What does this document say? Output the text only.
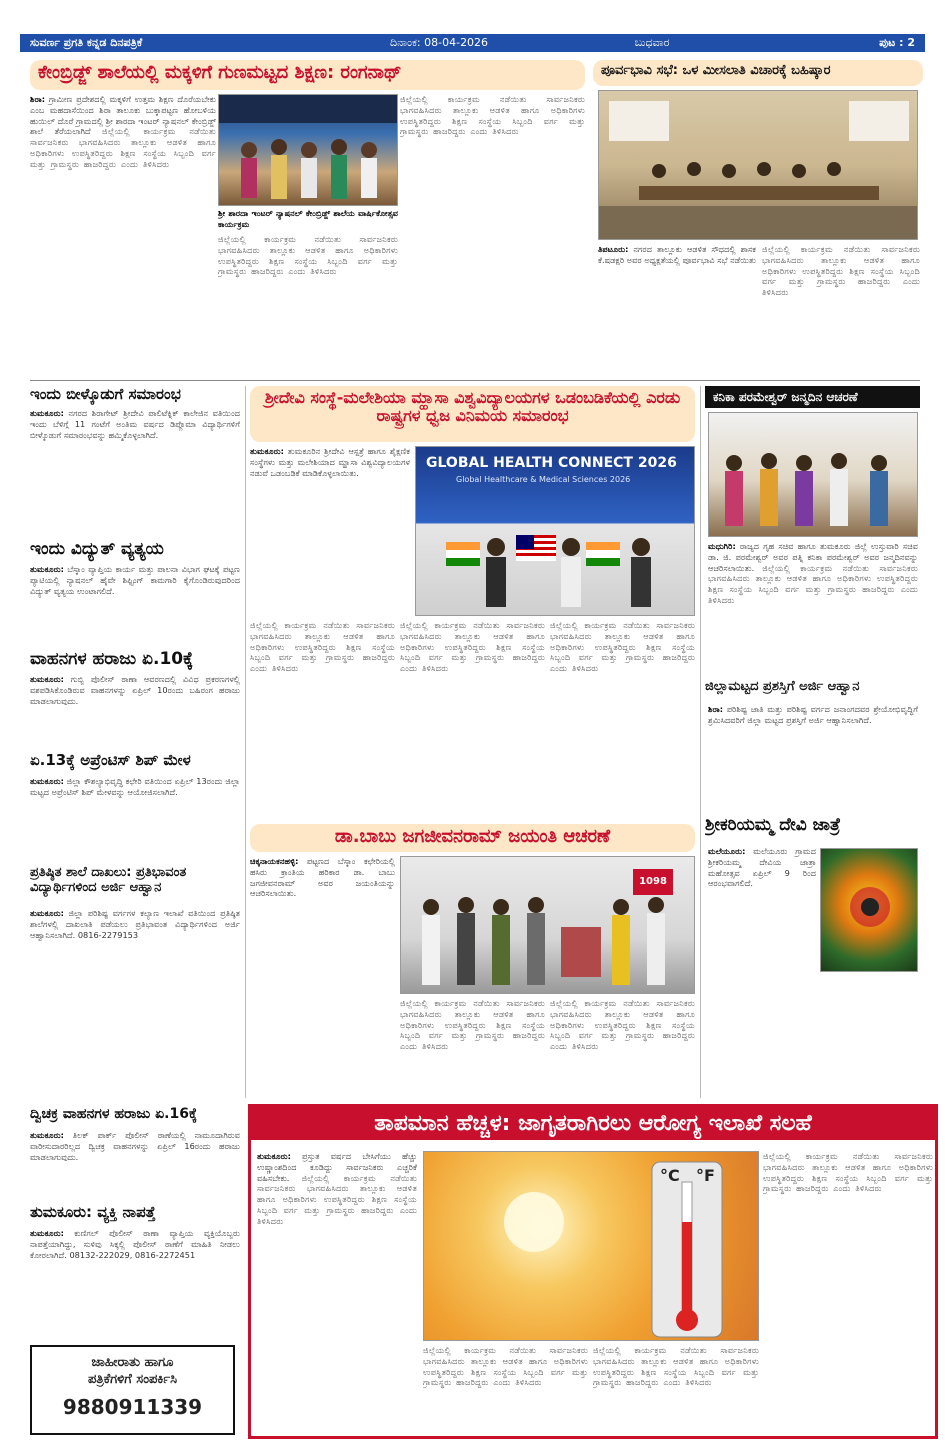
ಸುವರ್ಣ ಪ್ರಗತಿ ಕನ್ನಡ ದಿನಪತ್ರಿಕೆ	ದಿನಾಂಕ: 08-04-2026	ಬುಧವಾರ	ಪುಟ : 2
ಕೇಂಬ್ರಿಡ್ಜ್ ಶಾಲೆಯಲ್ಲಿ ಮಕ್ಕಳಿಗೆ ಗುಣಮಟ್ಟದ ಶಿಕ್ಷಣ: ರಂಗನಾಥ್
ಶಿರಾ: ಗ್ರಾಮೀಣ ಪ್ರದೇಶದಲ್ಲಿ ಮಕ್ಕಳಿಗೆ ಉತ್ತಮ ಶಿಕ್ಷಣ ದೊರೆಯಬೇಕು ಎಂಬ ಮಹದಾಸೆಯಿಂದ ಶಿರಾ ತಾಲೂಕು ಬುಕ್ಕಾಪಟ್ಟಣ ಹೋಬಳಿಯ ಹುಯಿಲ್ ದೊರೆ ಗ್ರಾಮದಲ್ಲಿ ಶ್ರೀ ಶಾರದಾ ಇಂಟರ್ ನ್ಯಾಷನಲ್ ಕೇಂಬ್ರಿಡ್ಜ್ ಶಾಲೆ ತೆರೆಯಲಾಗಿದೆ ಜಿಲ್ಲೆಯಲ್ಲಿ ಕಾರ್ಯಕ್ರಮ ನಡೆಯಿತು ಸಾರ್ವಜನಿಕರು ಭಾಗವಹಿಸಿದರು ತಾಲ್ಲೂಕು ಆಡಳಿತ ಹಾಗೂ ಅಧಿಕಾರಿಗಳು ಉಪಸ್ಥಿತರಿದ್ದರು ಶಿಕ್ಷಣ ಸಂಸ್ಥೆಯ ಸಿಬ್ಬಂದಿ ವರ್ಗ ಮತ್ತು ಗ್ರಾಮಸ್ಥರು ಹಾಜರಿದ್ದರು ಎಂದು ತಿಳಿಸಿದರು
ಶ್ರೀ ಶಾರದಾ ಇಂಟರ್ ನ್ಯಾಷನಲ್ ಕೇಂಬ್ರಿಡ್ಜ್ ಶಾಲೆಯ ವಾರ್ಷಿಕೋತ್ಸವ ಕಾರ್ಯಕ್ರಮ
ಜಿಲ್ಲೆಯಲ್ಲಿ ಕಾರ್ಯಕ್ರಮ ನಡೆಯಿತು ಸಾರ್ವಜನಿಕರು ಭಾಗವಹಿಸಿದರು ತಾಲ್ಲೂಕು ಆಡಳಿತ ಹಾಗೂ ಅಧಿಕಾರಿಗಳು ಉಪಸ್ಥಿತರಿದ್ದರು ಶಿಕ್ಷಣ ಸಂಸ್ಥೆಯ ಸಿಬ್ಬಂದಿ ವರ್ಗ ಮತ್ತು ಗ್ರಾಮಸ್ಥರು ಹಾಜರಿದ್ದರು ಎಂದು ತಿಳಿಸಿದರು
ಜಿಲ್ಲೆಯಲ್ಲಿ ಕಾರ್ಯಕ್ರಮ ನಡೆಯಿತು ಸಾರ್ವಜನಿಕರು ಭಾಗವಹಿಸಿದರು ತಾಲ್ಲೂಕು ಆಡಳಿತ ಹಾಗೂ ಅಧಿಕಾರಿಗಳು ಉಪಸ್ಥಿತರಿದ್ದರು ಶಿಕ್ಷಣ ಸಂಸ್ಥೆಯ ಸಿಬ್ಬಂದಿ ವರ್ಗ ಮತ್ತು ಗ್ರಾಮಸ್ಥರು ಹಾಜರಿದ್ದರು ಎಂದು ತಿಳಿಸಿದರು
ಪೂರ್ವಭಾವಿ ಸಭೆ: ಒಳ ಮೀಸಲಾತಿ ವಿಚಾರಕ್ಕೆ ಬಹಿಷ್ಕಾರ
ತಿಪಟೂರು: ನಗರದ ತಾಲ್ಲೂಕು ಆಡಳಿತ ಸೌಧದಲ್ಲಿ ಶಾಸಕ ಕೆ.ಷಡಕ್ಷರಿ ಅವರ ಅಧ್ಯಕ್ಷತೆಯಲ್ಲಿ ಪೂರ್ವಭಾವಿ ಸಭೆ ನಡೆಯಿತು
ಜಿಲ್ಲೆಯಲ್ಲಿ ಕಾರ್ಯಕ್ರಮ ನಡೆಯಿತು ಸಾರ್ವಜನಿಕರು ಭಾಗವಹಿಸಿದರು ತಾಲ್ಲೂಕು ಆಡಳಿತ ಹಾಗೂ ಅಧಿಕಾರಿಗಳು ಉಪಸ್ಥಿತರಿದ್ದರು ಶಿಕ್ಷಣ ಸಂಸ್ಥೆಯ ಸಿಬ್ಬಂದಿ ವರ್ಗ ಮತ್ತು ಗ್ರಾಮಸ್ಥರು ಹಾಜರಿದ್ದರು ಎಂದು ತಿಳಿಸಿದರು
ಇಂದು ಬೀಳ್ಕೊಡುಗೆ ಸಮಾರಂಭ
ತುಮಕೂರು: ನಗರದ ಶಿರಾಗೇಟ್ ಶ್ರೀದೇವಿ ಪಾಲಿಟೆಕ್ನಿಕ್ ಕಾಲೇಜಿನ ವತಿಯಿಂದ ಇಂದು ಬೆಳಿಗ್ಗೆ 11 ಗಂಟೆಗೆ ಅಂತಿಮ ವರ್ಷದ ಡಿಪ್ಲೊಮಾ ವಿದ್ಯಾರ್ಥಿಗಳಿಗೆ ಬೀಳ್ಕೊಡುಗೆ ಸಮಾರಂಭವನ್ನು ಹಮ್ಮಿಕೊಳ್ಳಲಾಗಿದೆ.
ಇಂದು ವಿದ್ಯುತ್ ವ್ಯತ್ಯಯ
ತುಮಕೂರು: ಬೆಸ್ಕಾಂ ವ್ಯಾಪ್ತಿಯ ಕಾರ್ಯ ಮತ್ತು ಪಾಲನಾ ವಿಭಾಗ ಘಟಕ್ಕೆ ಪಟ್ಟಣ ಪ್ಯಾಟಿಯಲ್ಲಿ ನ್ಯಾಷನಲ್ ಹೈವೇ ಶಿಫ್ಟಿಂಗ್ ಕಾಮಗಾರಿ ಕೈಗೊಂಡಿರುವುದರಿಂದ ವಿದ್ಯುತ್ ವ್ಯತ್ಯಯ ಉಂಟಾಗಲಿದೆ.
ವಾಹನಗಳ ಹರಾಜು ಏ.10ಕ್ಕೆ
ತುಮಕೂರು: ಗುಬ್ಬಿ ಪೊಲೀಸ್ ಠಾಣಾ ಆವರಣದಲ್ಲಿ ವಿವಿಧ ಪ್ರಕರಣಗಳಲ್ಲಿ ವಶಪಡಿಸಿಕೊಂಡಿರುವ ವಾಹನಗಳನ್ನು ಏಪ್ರಿಲ್ 10ರಂದು ಬಹಿರಂಗ ಹರಾಜು ಮಾಡಲಾಗುವುದು.
ಏ.13ಕ್ಕೆ ಅಪ್ರೆಂಟಿಸ್ ಶಿಪ್ ಮೇಳ
ತುಮಕೂರು: ಜಿಲ್ಲಾ ಕೌಶಲ್ಯಾಭಿವೃದ್ಧಿ ಕಛೇರಿ ವತಿಯಿಂದ ಏಪ್ರಿಲ್ 13ರಂದು ಜಿಲ್ಲಾ ಮಟ್ಟದ ಅಪ್ರೆಂಟಿಸ್ ಶಿಪ್ ಮೇಳವನ್ನು ಆಯೋಜಿಸಲಾಗಿದೆ.
ಪ್ರತಿಷ್ಠಿತ ಶಾಲೆ ದಾಖಲು: ಪ್ರತಿಭಾವಂತ ವಿದ್ಯಾರ್ಥಿಗಳಿಂದ ಅರ್ಜಿ ಆಹ್ವಾನ
ತುಮಕೂರು: ಜಿಲ್ಲಾ ಪರಿಶಿಷ್ಟ ವರ್ಗಗಳ ಕಲ್ಯಾಣ ಇಲಾಖೆ ವತಿಯಿಂದ ಪ್ರತಿಷ್ಠಿತ ಶಾಲೆಗಳಲ್ಲಿ ದಾಖಲಾತಿ ಪಡೆಯಲು ಪ್ರತಿಭಾವಂತ ವಿದ್ಯಾರ್ಥಿಗಳಿಂದ ಅರ್ಜಿ ಆಹ್ವಾನಿಸಲಾಗಿದೆ. 0816-2279153
ದ್ವಿಚಕ್ರ ವಾಹನಗಳ ಹರಾಜು ಏ.16ಕ್ಕೆ
ತುಮಕೂರು: ತಿಲಕ್ ಪಾರ್ಕ್ ಪೊಲೀಸ್ ಠಾಣೆಯಲ್ಲಿ ನಾಮೂದಾಗಿರುವ ವಾರೀಸುದಾರರಿಲ್ಲದ ದ್ವಿಚಕ್ರ ವಾಹನಗಳನ್ನು ಏಪ್ರಿಲ್ 16ರಂದು ಹರಾಜು ಮಾಡಲಾಗುವುದು.
ತುಮಕೂರು: ವ್ಯಕ್ತಿ ನಾಪತ್ತೆ
ತುಮಕೂರು: ಕುಣಿಗಲ್ ಪೊಲೀಸ್ ಠಾಣಾ ವ್ಯಾಪ್ತಿಯ ವ್ಯಕ್ತಿಯೊಬ್ಬರು ನಾಪತ್ತೆಯಾಗಿದ್ದು, ಸುಳಿವು ಸಿಕ್ಕಲ್ಲಿ ಪೊಲೀಸ್ ಠಾಣೆಗೆ ಮಾಹಿತಿ ನೀಡಲು ಕೋರಲಾಗಿದೆ. 08132-222029, 0816-2272451
ಜಾಹೀರಾತು ಹಾಗೂ
ಪತ್ರಿಕೆಗಳಿಗೆ ಸಂಪರ್ಕಿಸಿ
9880911339
ಶ್ರೀದೇವಿ ಸಂಸ್ಥೆ-ಮಲೇಶಿಯಾ ಮ್ಹಾಸಾ ವಿಶ್ವವಿದ್ಯಾಲಯಗಳ ಒಡಂಬಡಿಕೆಯಲ್ಲಿ ಎರಡು ರಾಷ್ಟ್ರಗಳ ಧ್ವಜ ವಿನಿಮಯ ಸಮಾರಂಭ
ತುಮಕೂರು: ತುಮಕೂರಿನ ಶ್ರೀದೇವಿ ಆಸ್ಪತ್ರೆ ಹಾಗೂ ಶೈಕ್ಷಣಿಕ ಸಂಸ್ಥೆಗಳು ಮತ್ತು ಮಲೇಶಿಯಾದ ಮ್ಹಾಸಾ ವಿಶ್ವವಿದ್ಯಾಲಯಗಳ ನಡುವೆ ಒಡಂಬಡಿಕೆ ಮಾಡಿಕೊಳ್ಳಲಾಯಿತು.
GLOBAL HEALTH CONNECT 2026
Global Healthcare & Medical Sciences 2026
ಜಿಲ್ಲೆಯಲ್ಲಿ ಕಾರ್ಯಕ್ರಮ ನಡೆಯಿತು ಸಾರ್ವಜನಿಕರು ಭಾಗವಹಿಸಿದರು ತಾಲ್ಲೂಕು ಆಡಳಿತ ಹಾಗೂ ಅಧಿಕಾರಿಗಳು ಉಪಸ್ಥಿತರಿದ್ದರು ಶಿಕ್ಷಣ ಸಂಸ್ಥೆಯ ಸಿಬ್ಬಂದಿ ವರ್ಗ ಮತ್ತು ಗ್ರಾಮಸ್ಥರು ಹಾಜರಿದ್ದರು ಎಂದು ತಿಳಿಸಿದರು
ಜಿಲ್ಲೆಯಲ್ಲಿ ಕಾರ್ಯಕ್ರಮ ನಡೆಯಿತು ಸಾರ್ವಜನಿಕರು ಭಾಗವಹಿಸಿದರು ತಾಲ್ಲೂಕು ಆಡಳಿತ ಹಾಗೂ ಅಧಿಕಾರಿಗಳು ಉಪಸ್ಥಿತರಿದ್ದರು ಶಿಕ್ಷಣ ಸಂಸ್ಥೆಯ ಸಿಬ್ಬಂದಿ ವರ್ಗ ಮತ್ತು ಗ್ರಾಮಸ್ಥರು ಹಾಜರಿದ್ದರು ಎಂದು ತಿಳಿಸಿದರು
ಜಿಲ್ಲೆಯಲ್ಲಿ ಕಾರ್ಯಕ್ರಮ ನಡೆಯಿತು ಸಾರ್ವಜನಿಕರು ಭಾಗವಹಿಸಿದರು ತಾಲ್ಲೂಕು ಆಡಳಿತ ಹಾಗೂ ಅಧಿಕಾರಿಗಳು ಉಪಸ್ಥಿತರಿದ್ದರು ಶಿಕ್ಷಣ ಸಂಸ್ಥೆಯ ಸಿಬ್ಬಂದಿ ವರ್ಗ ಮತ್ತು ಗ್ರಾಮಸ್ಥರು ಹಾಜರಿದ್ದರು ಎಂದು ತಿಳಿಸಿದರು
ಡಾ.ಬಾಬು ಜಗಜೀವನರಾಮ್ ಜಯಂತಿ ಆಚರಣೆ
ಚಿಕ್ಕನಾಯಕನಹಳ್ಳಿ: ಪಟ್ಟಣದ ಬೆಸ್ಕಾಂ ಕಛೇರಿಯಲ್ಲಿ ಹಸಿರು ಕ್ರಾಂತಿಯ ಹರಿಕಾರ ಡಾ. ಬಾಬು ಜಗಜೀವನರಾಮ್ ಅವರ ಜಯಂತಿಯನ್ನು ಆಚರಿಸಲಾಯಿತು.
1098
ಜಿಲ್ಲೆಯಲ್ಲಿ ಕಾರ್ಯಕ್ರಮ ನಡೆಯಿತು ಸಾರ್ವಜನಿಕರು ಭಾಗವಹಿಸಿದರು ತಾಲ್ಲೂಕು ಆಡಳಿತ ಹಾಗೂ ಅಧಿಕಾರಿಗಳು ಉಪಸ್ಥಿತರಿದ್ದರು ಶಿಕ್ಷಣ ಸಂಸ್ಥೆಯ ಸಿಬ್ಬಂದಿ ವರ್ಗ ಮತ್ತು ಗ್ರಾಮಸ್ಥರು ಹಾಜರಿದ್ದರು ಎಂದು ತಿಳಿಸಿದರು
ಜಿಲ್ಲೆಯಲ್ಲಿ ಕಾರ್ಯಕ್ರಮ ನಡೆಯಿತು ಸಾರ್ವಜನಿಕರು ಭಾಗವಹಿಸಿದರು ತಾಲ್ಲೂಕು ಆಡಳಿತ ಹಾಗೂ ಅಧಿಕಾರಿಗಳು ಉಪಸ್ಥಿತರಿದ್ದರು ಶಿಕ್ಷಣ ಸಂಸ್ಥೆಯ ಸಿಬ್ಬಂದಿ ವರ್ಗ ಮತ್ತು ಗ್ರಾಮಸ್ಥರು ಹಾಜರಿದ್ದರು ಎಂದು ತಿಳಿಸಿದರು
ಕನಿಕಾ ಪರಮೇಶ್ವರ್ ಜನ್ಮದಿನ ಆಚರಣೆ
ಮಧುಗಿರಿ: ರಾಜ್ಯದ ಗೃಹ ಸಚಿವ ಹಾಗೂ ತುಮಕೂರು ಜಿಲ್ಲೆ ಉಸ್ತುವಾರಿ ಸಚಿವ ಡಾ. ಜಿ. ಪರಮೇಶ್ವರ್ ಅವರ ಪತ್ನಿ ಕನಿಕಾ ಪರಮೇಶ್ವರ್ ಅವರ ಜನ್ಮದಿನವನ್ನು ಆಚರಿಸಲಾಯಿತು. ಜಿಲ್ಲೆಯಲ್ಲಿ ಕಾರ್ಯಕ್ರಮ ನಡೆಯಿತು ಸಾರ್ವಜನಿಕರು ಭಾಗವಹಿಸಿದರು ತಾಲ್ಲೂಕು ಆಡಳಿತ ಹಾಗೂ ಅಧಿಕಾರಿಗಳು ಉಪಸ್ಥಿತರಿದ್ದರು ಶಿಕ್ಷಣ ಸಂಸ್ಥೆಯ ಸಿಬ್ಬಂದಿ ವರ್ಗ ಮತ್ತು ಗ್ರಾಮಸ್ಥರು ಹಾಜರಿದ್ದರು ಎಂದು ತಿಳಿಸಿದರು
ಜಿಲ್ಲಾಮಟ್ಟದ ಪ್ರಶಸ್ತಿಗೆ ಅರ್ಜಿ ಆಹ್ವಾನ
ಶಿರಾ: ಪರಿಶಿಷ್ಟ ಜಾತಿ ಮತ್ತು ಪರಿಶಿಷ್ಟ ವರ್ಗದ ಜನಾಂಗದವರ ಶ್ರೇಯೋಭಿವೃದ್ಧಿಗೆ ಶ್ರಮಿಸಿದವರಿಗೆ ಜಿಲ್ಲಾ ಮಟ್ಟದ ಪ್ರಶಸ್ತಿಗೆ ಅರ್ಜಿ ಆಹ್ವಾನಿಸಲಾಗಿದೆ.
ಶ್ರೀಕರಿಯಮ್ಮ ದೇವಿ ಜಾತ್ರೆ
ಮಲೆಯೂರು: ಮಲೆಯೂರು ಗ್ರಾಮದ ಶ್ರೀಕರಿಯಮ್ಮ ದೇವಿಯ ಜಾತ್ರಾ ಮಹೋತ್ಸವ ಏಪ್ರಿಲ್ 9 ರಿಂದ ಆರಂಭವಾಗಲಿದೆ.
ತಾಪಮಾನ ಹೆಚ್ಚಳ: ಜಾಗೃತರಾಗಿರಲು ಆರೋಗ್ಯ ಇಲಾಖೆ ಸಲಹೆ
ತುಮಕೂರು: ಪ್ರಸ್ತುತ ವರ್ಷದ ಬೇಸಿಗೆಯು ಹೆಚ್ಚು ಉಷ್ಣಾಂಶದಿಂದ ಕೂಡಿದ್ದು ಸಾರ್ವಜನಿಕರು ಎಚ್ಚರಿಕೆ ವಹಿಸಬೇಕು. ಜಿಲ್ಲೆಯಲ್ಲಿ ಕಾರ್ಯಕ್ರಮ ನಡೆಯಿತು ಸಾರ್ವಜನಿಕರು ಭಾಗವಹಿಸಿದರು ತಾಲ್ಲೂಕು ಆಡಳಿತ ಹಾಗೂ ಅಧಿಕಾರಿಗಳು ಉಪಸ್ಥಿತರಿದ್ದರು ಶಿಕ್ಷಣ ಸಂಸ್ಥೆಯ ಸಿಬ್ಬಂದಿ ವರ್ಗ ಮತ್ತು ಗ್ರಾಮಸ್ಥರು ಹಾಜರಿದ್ದರು ಎಂದು ತಿಳಿಸಿದರು
°C °F
ಜಿಲ್ಲೆಯಲ್ಲಿ ಕಾರ್ಯಕ್ರಮ ನಡೆಯಿತು ಸಾರ್ವಜನಿಕರು ಭಾಗವಹಿಸಿದರು ತಾಲ್ಲೂಕು ಆಡಳಿತ ಹಾಗೂ ಅಧಿಕಾರಿಗಳು ಉಪಸ್ಥಿತರಿದ್ದರು ಶಿಕ್ಷಣ ಸಂಸ್ಥೆಯ ಸಿಬ್ಬಂದಿ ವರ್ಗ ಮತ್ತು ಗ್ರಾಮಸ್ಥರು ಹಾಜರಿದ್ದರು ಎಂದು ತಿಳಿಸಿದರು
ಜಿಲ್ಲೆಯಲ್ಲಿ ಕಾರ್ಯಕ್ರಮ ನಡೆಯಿತು ಸಾರ್ವಜನಿಕರು ಭಾಗವಹಿಸಿದರು ತಾಲ್ಲೂಕು ಆಡಳಿತ ಹಾಗೂ ಅಧಿಕಾರಿಗಳು ಉಪಸ್ಥಿತರಿದ್ದರು ಶಿಕ್ಷಣ ಸಂಸ್ಥೆಯ ಸಿಬ್ಬಂದಿ ವರ್ಗ ಮತ್ತು ಗ್ರಾಮಸ್ಥರು ಹಾಜರಿದ್ದರು ಎಂದು ತಿಳಿಸಿದರು
ಜಿಲ್ಲೆಯಲ್ಲಿ ಕಾರ್ಯಕ್ರಮ ನಡೆಯಿತು ಸಾರ್ವಜನಿಕರು ಭಾಗವಹಿಸಿದರು ತಾಲ್ಲೂಕು ಆಡಳಿತ ಹಾಗೂ ಅಧಿಕಾರಿಗಳು ಉಪಸ್ಥಿತರಿದ್ದರು ಶಿಕ್ಷಣ ಸಂಸ್ಥೆಯ ಸಿಬ್ಬಂದಿ ವರ್ಗ ಮತ್ತು ಗ್ರಾಮಸ್ಥರು ಹಾಜರಿದ್ದರು ಎಂದು ತಿಳಿಸಿದರು
